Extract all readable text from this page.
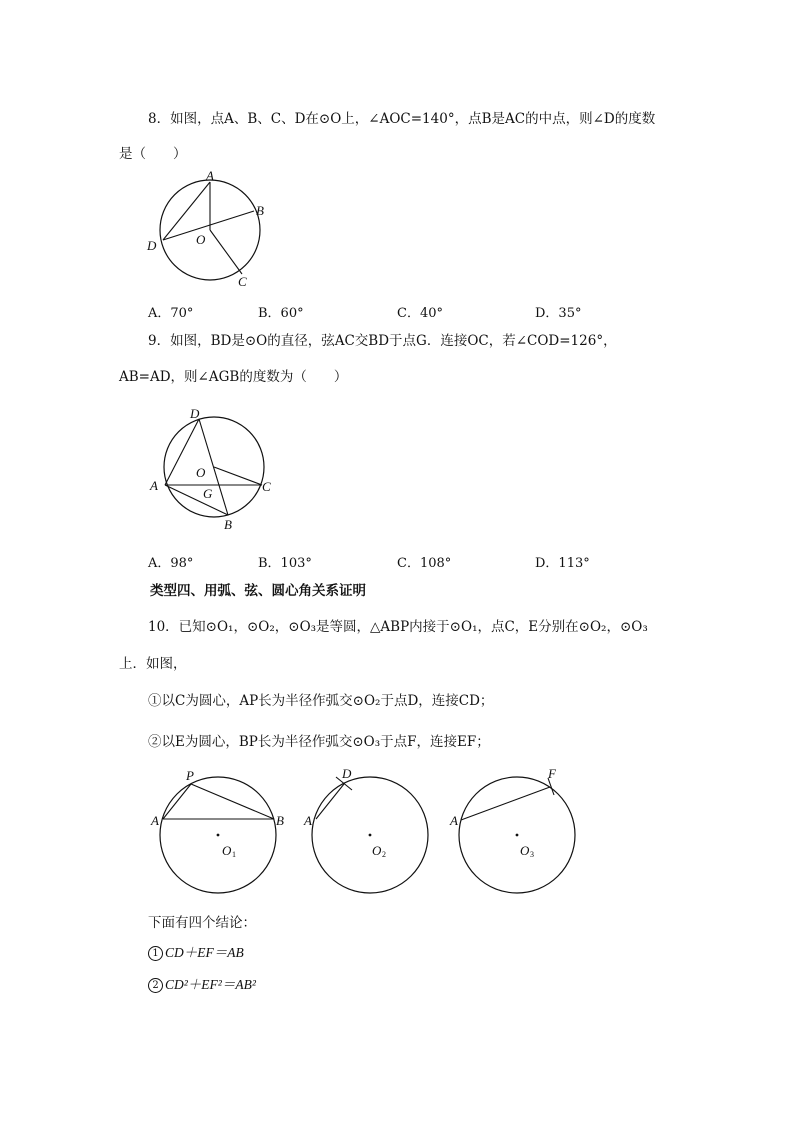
8．如图，点A、B、C、D在⊙O上，∠AOC=140°，点B是AC的中点，则∠D的度数
是（　　）
A
B
C
D	O
A．70°	B．60°	C．40°	D．35°
9．如图，BD是⊙O的直径，弦AC交BD于点G．连接OC，若∠COD=126°，
AB=AD，则∠AGB的度数为（　　）
D
A	C
B
O
G
A．98°	B．103°	C．108°	D．113°
类型四、用弧、弦、圆心角关系证明
10．已知⊙O₁，⊙O₂，⊙O₃是等圆，△ABP内接于⊙O₁，点C，E分别在⊙O₂，⊙O₃
上．如图，
①以C为圆心，AP长为半径作弧交⊙O₂于点D，连接CD；
②以E为圆心，BP长为半径作弧交⊙O₃于点F，连接EF；
P
A	B
O 1
D
A
O 2
F
A
O 3
下面有四个结论：
1 CD＋EF＝AB
2 CD²＋EF²＝AB²
